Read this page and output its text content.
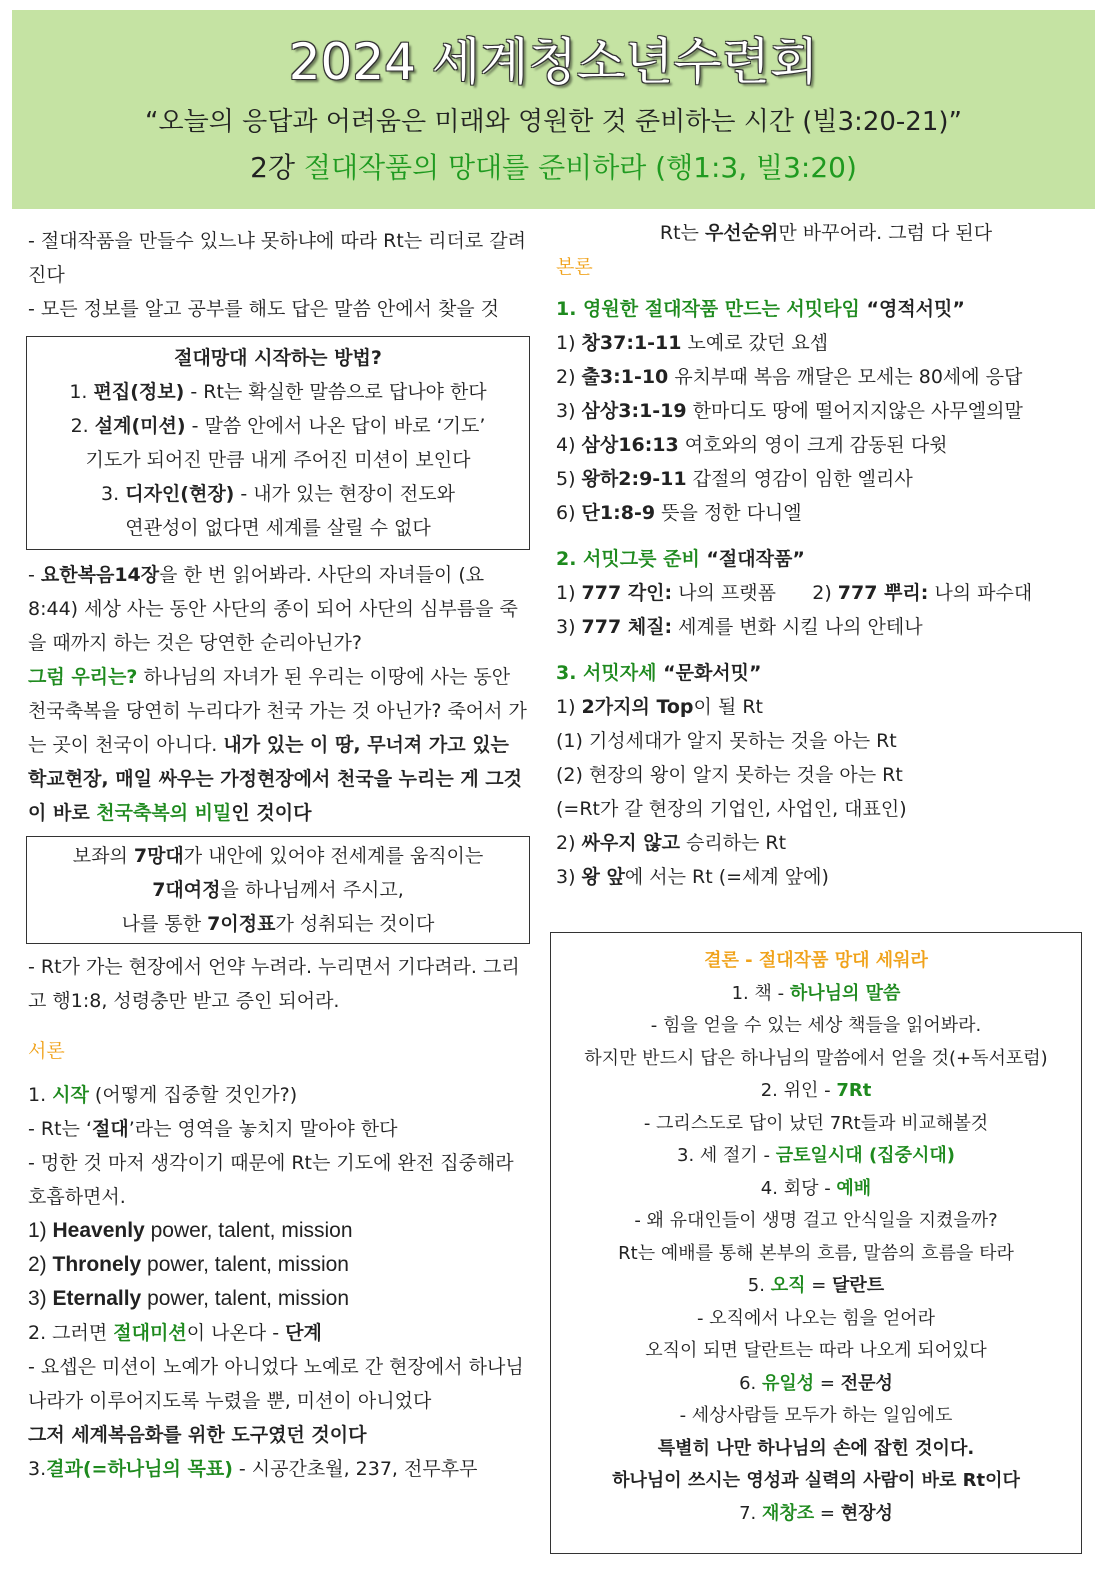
2024 세계청소년수련회
“오늘의 응답과 어려움은 미래와 영원한 것 준비하는 시간 (빌3:20-21)”
2강 절대작품의 망대를 준비하라 (행1:3, 빌3:20)

- 절대작품을 만들수 있느냐 못하냐에 따라 Rt는 리더로 갈려진다

- 모든 정보를 알고 공부를 해도 답은 말씀 안에서 찾을 것

절대망대 시작하는 방법?

1. 편집(정보) - Rt는 확실한 말씀으로 답나야 한다

2. 설계(미션) - 말씀 안에서 나온 답이 바로 ‘기도’

기도가 되어진 만큼 내게 주어진 미션이 보인다

3. 디자인(현장) - 내가 있는 현장이 전도와

연관성이 없다면 세계를 살릴 수 없다

- 요한복음14장을 한 번 읽어봐라. 사단의 자녀들이 (요8:44) 세상 사는 동안 사단의 종이 되어 사단의 심부름을 죽을 때까지 하는 것은 당연한 순리아닌가?
그럼 우리는? 하나님의 자녀가 된 우리는 이땅에 사는 동안 천국축복을 당연히 누리다가 천국 가는 것 아닌가? 죽어서 가는 곳이 천국이 아니다. 내가 있는 이 땅, 무너져 가고 있는 학교현장, 매일 싸우는 가정현장에서 천국을 누리는 게 그것이 바로 천국축복의 비밀인 것이다

보좌의 7망대가 내안에 있어야 전세계를 움직이는

7대여정을 하나님께서 주시고,

나를 통한 7이정표가 성취되는 것이다

- Rt가 가는 현장에서 언약 누려라. 누리면서 기다려라. 그리고 행1:8, 성령충만 받고 증인 되어라.

서론

1. 시작 (어떻게 집중할 것인가?)

- Rt는 ‘절대’라는 영역을 놓치지 말아야 한다

- 멍한 것 마저 생각이기 때문에 Rt는 기도에 완전 집중해라 호흡하면서.

1) Heavenly power, talent, mission

2) Thronely power, talent, mission

3) Eternally power, talent, mission

2. 그러면 절대미션이 나온다 - 단계

- 요셉은 미션이 노예가 아니었다 노예로 간 현장에서 하나님 나라가 이루어지도록 누렸을 뿐, 미션이 아니었다

그저 세계복음화를 위한 도구였던 것이다

3.결과(=하나님의 목표) - 시공간초월, 237, 전무후무

Rt는 우선순위만 바꾸어라. 그럼 다 된다

본론

1. 영원한 절대작품 만드는 서밋타임 “영적서밋”

1) 창37:1-11 노예로 갔던 요셉

2) 출3:1-10 유치부때 복음 깨달은 모세는 80세에 응답

3) 삼상3:1-19 한마디도 땅에 떨어지지않은 사무엘의말

4) 삼상16:13 여호와의 영이 크게 감동된 다윗

5) 왕하2:9-11 갑절의 영감이 임한 엘리사

6) 단1:8-9 뜻을 정한 다니엘

2. 서밋그릇 준비 “절대작품”

1) 777 각인: 나의 프랫폼 2) 777 뿌리: 나의 파수대

3) 777 체질: 세계를 변화 시킬 나의 안테나

3. 서밋자세 “문화서밋”

1) 2가지의 Top이 될 Rt

(1) 기성세대가 알지 못하는 것을 아는 Rt

(2) 현장의 왕이 알지 못하는 것을 아는 Rt

(=Rt가 갈 현장의 기업인, 사업인, 대표인)

2) 싸우지 않고 승리하는 Rt

3) 왕 앞에 서는 Rt (=세계 앞에)

결론 - 절대작품 망대 세워라

1. 책 - 하나님의 말씀

- 힘을 얻을 수 있는 세상 책들을 읽어봐라.

하지만 반드시 답은 하나님의 말씀에서 얻을 것(+독서포럼)

2. 위인 - 7Rt

- 그리스도로 답이 났던 7Rt들과 비교해볼것

3. 세 절기 - 금토일시대 (집중시대)

4. 회당 - 예배

- 왜 유대인들이 생명 걸고 안식일을 지켰을까?

Rt는 예배를 통해 본부의 흐름, 말씀의 흐름을 타라

5. 오직 = 달란트

- 오직에서 나오는 힘을 얻어라

오직이 되면 달란트는 따라 나오게 되어있다

6. 유일성 = 전문성

- 세상사람들 모두가 하는 일임에도

특별히 나만 하나님의 손에 잡힌 것이다.

하나님이 쓰시는 영성과 실력의 사람이 바로 Rt이다

7. 재창조 = 현장성
